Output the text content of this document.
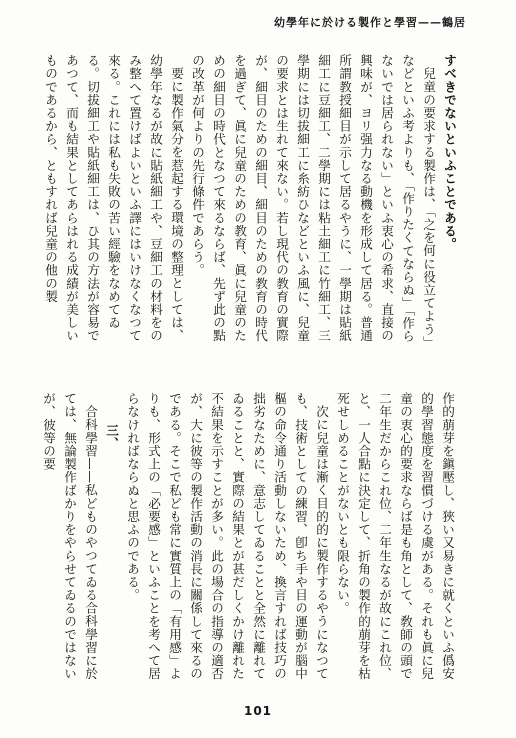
幼學年に於ける製作と學習——鶴居

すべきでないといふことである。

兒童の要求する製作は、「之を何に役立てよう」などといふ考よりも、「作りたくてならぬ」「作らないでは居られない」といふ衷心の希求、直接の興味が、ヨリ强力なる動機を形成して居る。普通所謂教授細目が示して居るやうに、一學期は貼紙細工に豆細工、二學期には粘土細工に竹細工、三學期には切拔細工に糸紡ひなどといふ風に、兒童の要求とは生れて來ない。若し現代の教育の實際が、細目のための細目、細目のための教育の時代を過ぎて、眞に兒童のための教育、眞に兒童のための細目の時代となつて來るならば、先ず此の點の改革が何よりの先行條件であらう。

要に製作氣分を惹起する環境の整理としては、幼學年なるが故に貼紙細工や、豆細工の材料をのみ整へて置けばよいといふ譯にはいけなくなつて來る。これには私も失敗の苦い經驗をなめてゐる。切拔細工や貼紙細工は、ひ其の方法が容易であつて、而も結果としてあらはれる成績が美しいものであるから、ともすれば兒童の他の製

作的萠芽を鎭壓し、狹い又易きに就くといふ僞安的學習態度を習慣づける虞がある。それも眞に兒童の衷心的要求ならば是も角として、敎師の頭で二年生だからこれ位、二年生なるが故にこれ位、と、一人合點に決定して、折角の製作的萠芽を枯死せしめることがないとも限らない。

次に兒童は漸く目的的に製作するやうになつても、技術としての練習、卽ち手や目の運動が腦中樞の命令通り活動しないため、換言すれば技巧の拙劣なために、意志してゐることと全然に離れてゐることと、實際の結果とが甚だしくかけ離れた不結果を示すことが多い。此の場合の指導の適否が、大に彼等の製作活動の消長に關係して來るのである。そこで私ども常に實質上の「有用感」よりも、形式上の「必要感」といふことを考へて居らなければならぬと思ふのである。

三、

合科學習——私どものやつてゐる合科學習に於ては、無論製作ばかりをやらせてゐるのではないが、彼等の要

101
